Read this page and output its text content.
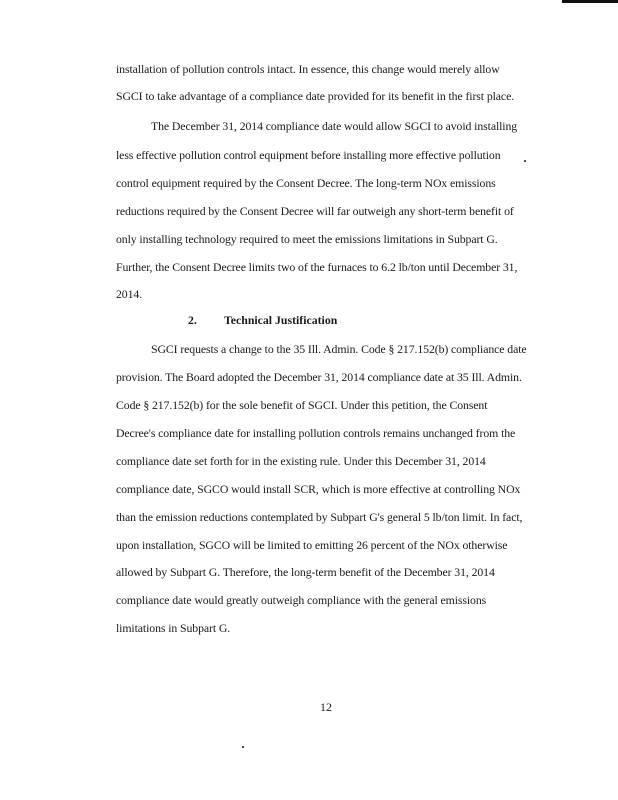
installation of pollution controls intact. In essence, this change would merely allow
SGCI to take advantage of a compliance date provided for its benefit in the first place.
The December 31, 2014 compliance date would allow SGCI to avoid installing
less effective pollution control equipment before installing more effective pollution
control equipment required by the Consent Decree. The long-term NOx emissions
reductions required by the Consent Decree will far outweigh any short-term benefit of
only installing technology required to meet the emissions limitations in Subpart G.
Further, the Consent Decree limits two of the furnaces to 6.2 lb/ton until December 31,
2014.
2. Technical Justification
SGCI requests a change to the 35 Ill. Admin. Code § 217.152(b) compliance date
provision. The Board adopted the December 31, 2014 compliance date at 35 Ill. Admin.
Code § 217.152(b) for the sole benefit of SGCI. Under this petition, the Consent
Decree's compliance date for installing pollution controls remains unchanged from the
compliance date set forth for in the existing rule. Under this December 31, 2014
compliance date, SGCO would install SCR, which is more effective at controlling NOx
than the emission reductions contemplated by Subpart G's general 5 lb/ton limit. In fact,
upon installation, SGCO will be limited to emitting 26 percent of the NOx otherwise
allowed by Subpart G. Therefore, the long-term benefit of the December 31, 2014
compliance date would greatly outweigh compliance with the general emissions
limitations in Subpart G.
12
